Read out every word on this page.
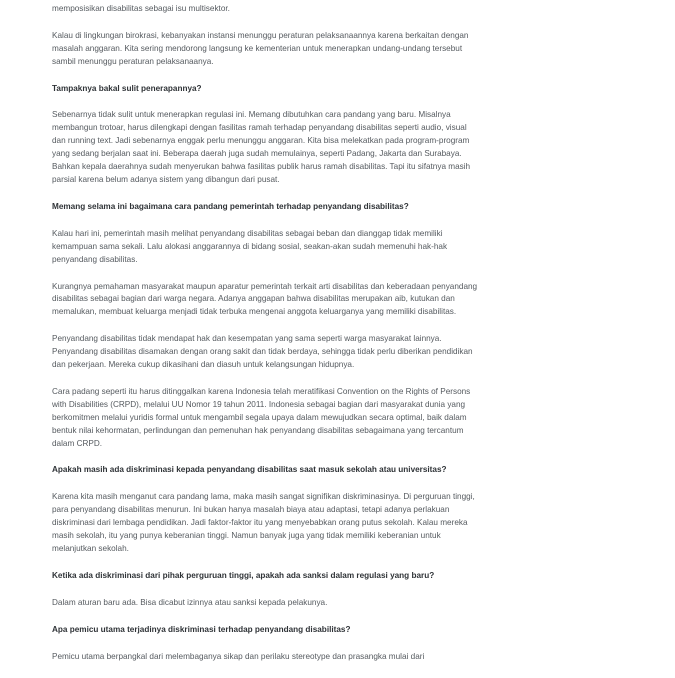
memposisikan disabilitas sebagai isu multisektor.

Kalau di lingkungan birokrasi, kebanyakan instansi menunggu peraturan pelaksanaannya karena berkaitan dengan masalah anggaran. Kita sering mendorong langsung ke kementerian untuk menerapkan undang-undang tersebut sambil menunggu peraturan pelaksanaanya.

Tampaknya bakal sulit penerapannya?

Sebenarnya tidak sulit untuk menerapkan regulasi ini. Memang dibutuhkan cara pandang yang baru. Misalnya membangun trotoar, harus dilengkapi dengan fasilitas ramah terhadap penyandang disabilitas seperti audio, visual dan running text. Jadi sebenarnya enggak perlu menunggu anggaran. Kita bisa melekatkan pada program-program yang sedang berjalan saat ini. Beberapa daerah juga sudah memulainya, seperti Padang, Jakarta dan Surabaya. Bahkan kepala daerahnya sudah menyerukan bahwa fasilitas publik harus ramah disabilitas. Tapi itu sifatnya masih parsial karena belum adanya sistem yang dibangun dari pusat.

Memang selama ini bagaimana cara pandang pemerintah terhadap penyandang disabilitas?

Kalau hari ini, pemerintah masih melihat penyandang disabilitas sebagai beban dan dianggap tidak memiliki kemampuan sama sekali. Lalu alokasi anggarannya di bidang sosial, seakan-akan sudah memenuhi hak-hak penyandang disabilitas.

Kurangnya pemahaman masyarakat maupun aparatur pemerintah terkait arti disabilitas dan keberadaan penyandang disabilitas sebagai bagian dari warga negara. Adanya anggapan bahwa disabilitas merupakan aib, kutukan dan memalukan, membuat keluarga menjadi tidak terbuka mengenai anggota keluarganya yang memiliki disabilitas.

Penyandang disabilitas tidak mendapat hak dan kesempatan yang sama seperti warga masyarakat lainnya. Penyandang disabilitas disamakan dengan orang sakit dan tidak berdaya, sehingga tidak perlu diberikan pendidikan dan pekerjaan. Mereka cukup dikasihani dan diasuh untuk kelangsungan hidupnya.

Cara padang seperti itu harus ditinggalkan karena Indonesia telah meratifikasi Convention on the Rights of Persons with Disabilities (CRPD), melalui UU Nomor 19 tahun 2011. Indonesia sebagai bagian dari masyarakat dunia yang berkomitmen melalui yuridis formal untuk mengambil segala upaya dalam mewujudkan secara optimal, baik dalam bentuk nilai kehormatan, perlindungan dan pemenuhan hak penyandang disabilitas sebagaimana yang tercantum dalam CRPD.

Apakah masih ada diskriminasi kepada penyandang disabilitas saat masuk sekolah atau universitas?

Karena kita masih menganut cara pandang lama, maka masih sangat signifikan diskriminasinya. Di perguruan tinggi, para penyandang disabilitas menurun. Ini bukan hanya masalah biaya atau adaptasi, tetapi adanya perlakuan diskriminasi dari lembaga pendidikan. Jadi faktor-faktor itu yang menyebabkan orang putus sekolah. Kalau mereka masih sekolah, itu yang punya keberanian tinggi. Namun banyak juga yang tidak memiliki keberanian untuk melanjutkan sekolah.

Ketika ada diskriminasi dari pihak perguruan tinggi, apakah ada sanksi dalam regulasi yang baru?

Dalam aturan baru ada. Bisa dicabut izinnya atau sanksi kepada pelakunya.

Apa pemicu utama terjadinya diskriminasi terhadap penyandang disabilitas?

Pemicu utama berpangkal dari melembaganya sikap dan perilaku stereotype dan prasangka mulai dari
